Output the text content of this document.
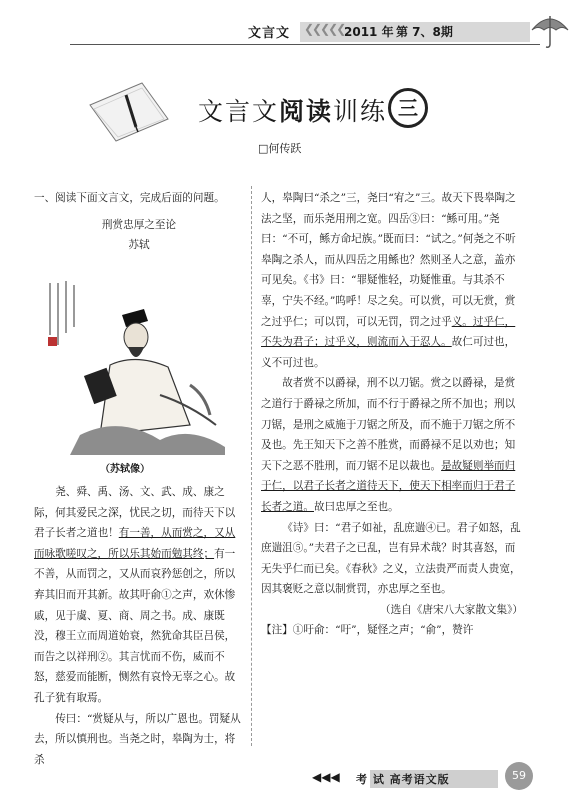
文言文 ❮❮❮❮❮ 2011 年 第 7、8期
文言文阅读训练 三
□何传跃

一、阅读下面文言文，完成后面的问题。

刑赏忠厚之至论

苏轼

（苏轼像）

尧、舜、禹、汤、文、武、成、康之际，何其爱民之深，忧民之切，而待天下以君子长者之道也！有一善，从而赏之，又从而咏歌嗟叹之，所以乐其始而勉其终；有一不善，从而罚之，又从而哀矜惩创之，所以弃其旧而开其新。故其吁俞①之声，欢休惨戚，见于虞、夏、商、周之书。成、康既没，穆王立而周道始衰，然犹命其臣吕侯，而告之以祥刑②。其言忧而不伤，威而不怒，慈爱而能断，恻然有哀怜无辜之心。故孔子犹有取焉。

传曰：“赏疑从与，所以广恩也。罚疑从去，所以慎刑也。当尧之时，皋陶为士，将杀

人，皋陶曰“杀之”三，尧曰“宥之”三。故天下畏皋陶之法之坚，而乐尧用刑之宽。四岳③曰：“鲧可用。”尧曰：“不可，鲧方命圮族。”既而曰：“试之。”何尧之不听皋陶之杀人，而从四岳之用鲧也？然则圣人之意，盖亦可见矣。《书》曰：“罪疑惟轻，功疑惟重。与其杀不辜，宁失不经。”呜呼！尽之矣。可以赏，可以无赏，赏之过乎仁；可以罚，可以无罚，罚之过乎义。过乎仁，不失为君子；过乎义，则流而入于忍人。故仁可过也，义不可过也。

故者赏不以爵禄，刑不以刀锯。赏之以爵禄，是赏之道行于爵禄之所加，而不行于爵禄之所不加也；刑以刀锯，是刑之威施于刀锯之所及，而不施于刀锯之所不及也。先王知天下之善不胜赏，而爵禄不足以劝也；知天下之恶不胜刑，而刀锯不足以裁也。是故疑则举而归于仁，以君子长者之道待天下，使天下相率而归于君子长者之道。故曰忠厚之至也。

《诗》曰：“君子如祉，乱庶遄④已。君子如怒，乱庶遄沮⑤。”夫君子之已乱，岂有异术哉？时其喜怒，而无失乎仁而已矣。《春秋》之义，立法贵严而责人贵宽，因其褒贬之意以制赏罚，亦忠厚之至也。

（选自《唐宋八大家散文集》）

【注】①吁俞：“吁”，疑怪之声；“俞”，赞许

◀◀◀ 考 试 高考语文版	59
